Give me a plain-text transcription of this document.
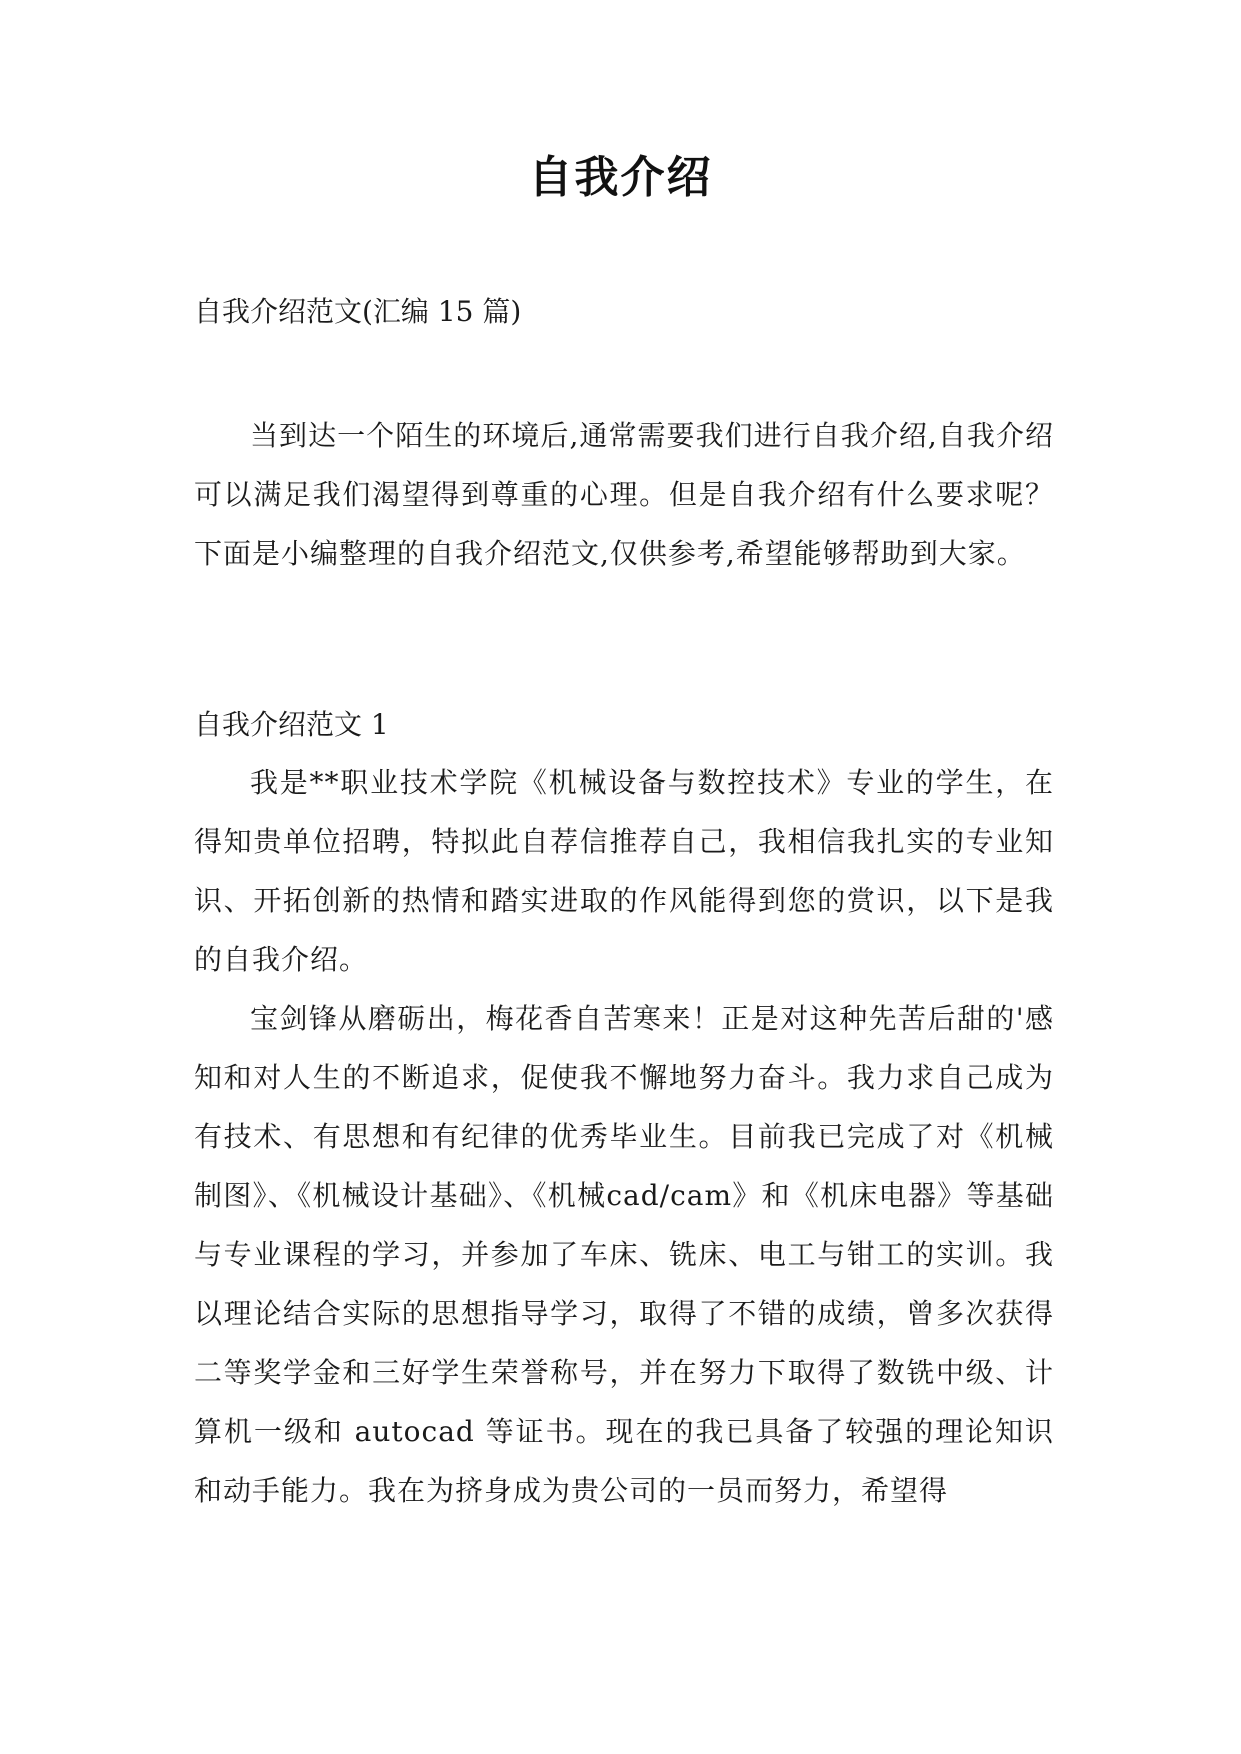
自我介绍

自我介绍范文(汇编 15 篇)

当到达一个陌生的环境后,通常需要我们进行自我介绍,自我介绍可以满足我们渴望得到尊重的心理。但是自我介绍有什么要求呢？下面是小编整理的自我介绍范文,仅供参考,希望能够帮助到大家。

自我介绍范文 1

我是**职业技术学院《机械设备与数控技术》专业的学生，在得知贵单位招聘，特拟此自荐信推荐自己，我相信我扎实的专业知识、开拓创新的热情和踏实进取的作风能得到您的赏识，以下是我的自我介绍。

宝剑锋从磨砺出，梅花香自苦寒来！正是对这种先苦后甜的'感知和对人生的不断追求，促使我不懈地努力奋斗。我力求自己成为有技术、有思想和有纪律的优秀毕业生。目前我已完成了对《机械制图》、《机械设计基础》、《机械cad/cam》和《机床电器》等基础与专业课程的学习，并参加了车床、铣床、电工与钳工的实训。我以理论结合实际的思想指导学习，取得了不错的成绩，曾多次获得二等奖学金和三好学生荣誉称号，并在努力下取得了数铣中级、计算机一级和 autocad 等证书。现在的我已具备了较强的理论知识和动手能力。我在为挤身成为贵公司的一员而努力，希望得
